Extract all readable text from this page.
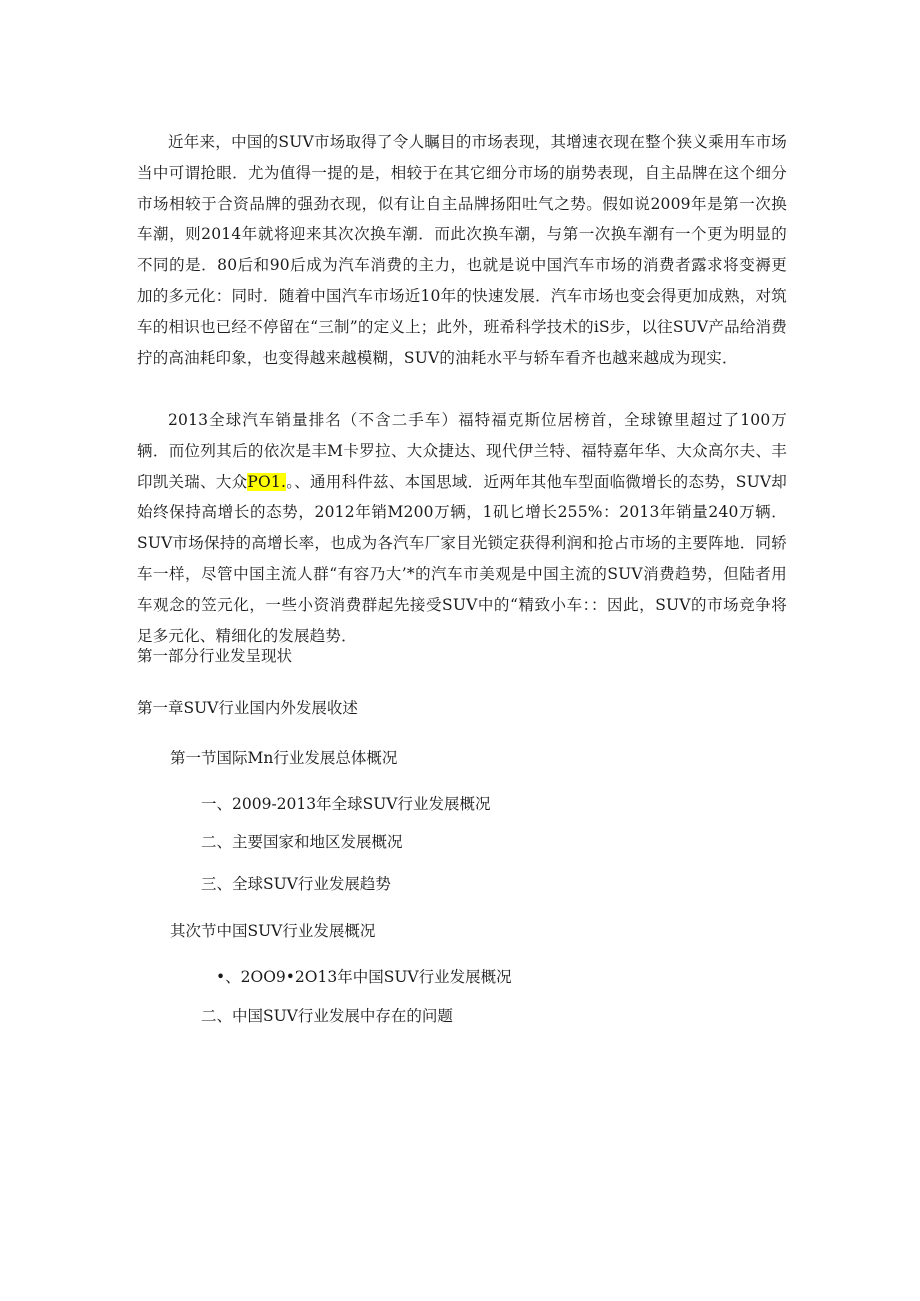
近年来，中国的SUV市场取得了令人瞩目的市场表现，其增速衣现在整个狭义乘用车市场当中可谓抢眼．尤为值得一提的是，相较于在其它细分市场的崩势表现，自主品牌在这个细分市场相较于合资品牌的强劲衣现，似有让自主品牌扬阳吐气之势。假如说2009年是第一次换车潮，则2014年就将迎来其次次换车潮．而此次换车潮，与第一次换车潮有一个更为明显的不同的是．80后和90后成为汽车消费的主力，也就是说中国汽车市场的消费者露求将变褥更加的多元化：同时．随着中国汽车市场近10年的快速发展．汽车市场也变会得更加成熟，对筑车的相识也已经不停留在“三制”的定义上；此外，班希科学技术的iS步，以往SUV产品给消费拧的高油耗印象，也变得越来越模糊，SUV的油耗水平与轿车看齐也越来越成为现实．

2013全球汽车销量排名（不含二手车）福特福克斯位居榜首，全球镣里超过了100万辆．而位列其后的依次是丰M卡罗拉、大众捷达、现代伊兰特、福特嘉年华、大众高尔夫、丰印凯关瑞、大众PO1.。、通用科件兹、本国思域．近两年其他车型面临微增长的态势，SUV却始终保持高增长的态势，2012年销M200万辆，1矶匕增长255%：2013年销量240万辆．SUV市场保持的高增长率，也成为各汽车厂家目光锁定获得利润和抢占市场的主要阵地．同轿车一样，尽管中国主流人群“有容乃大’*的汽车市美观是中国主流的SUV消费趋势，但陆者用车观念的笠元化，一些小资消费群起先接受SUV中的“精致小车：：因此，SUV的市场竞争将足多元化、精细化的发展趋势．

第一部分行业发呈现状

第一章SUV行业国内外发展收述

第一节国际Mn行业发展总体概况

一、2009-2013年全球SUV行业发展概况

二、主要国家和地区发展概况

三、全球SUV行业发展趋势

其次节中国SUV行业发展概况

•、2OO9•2O13年中国SUV行业发展概况

二、中国SUV行业发展中存在的问题
